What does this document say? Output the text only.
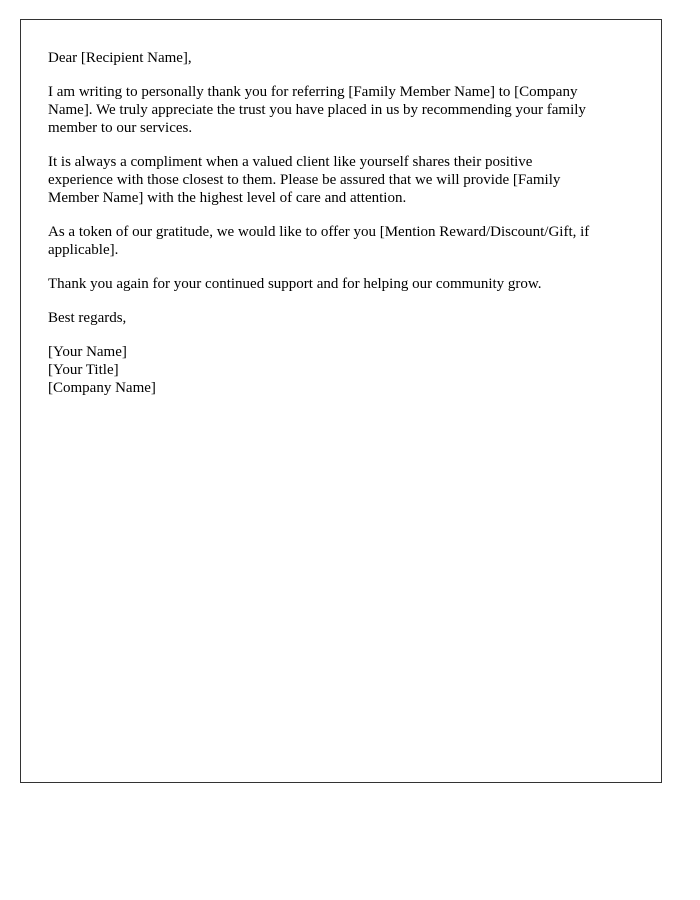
Dear [Recipient Name],

I am writing to personally thank you for referring [Family Member Name] to [Company
Name]. We truly appreciate the trust you have placed in us by recommending your family
member to our services.

It is always a compliment when a valued client like yourself shares their positive
experience with those closest to them. Please be assured that we will provide [Family
Member Name] with the highest level of care and attention.

As a token of our gratitude, we would like to offer you [Mention Reward/Discount/Gift, if
applicable].

Thank you again for your continued support and for helping our community grow.

Best regards,

[Your Name]
[Your Title]
[Company Name]
